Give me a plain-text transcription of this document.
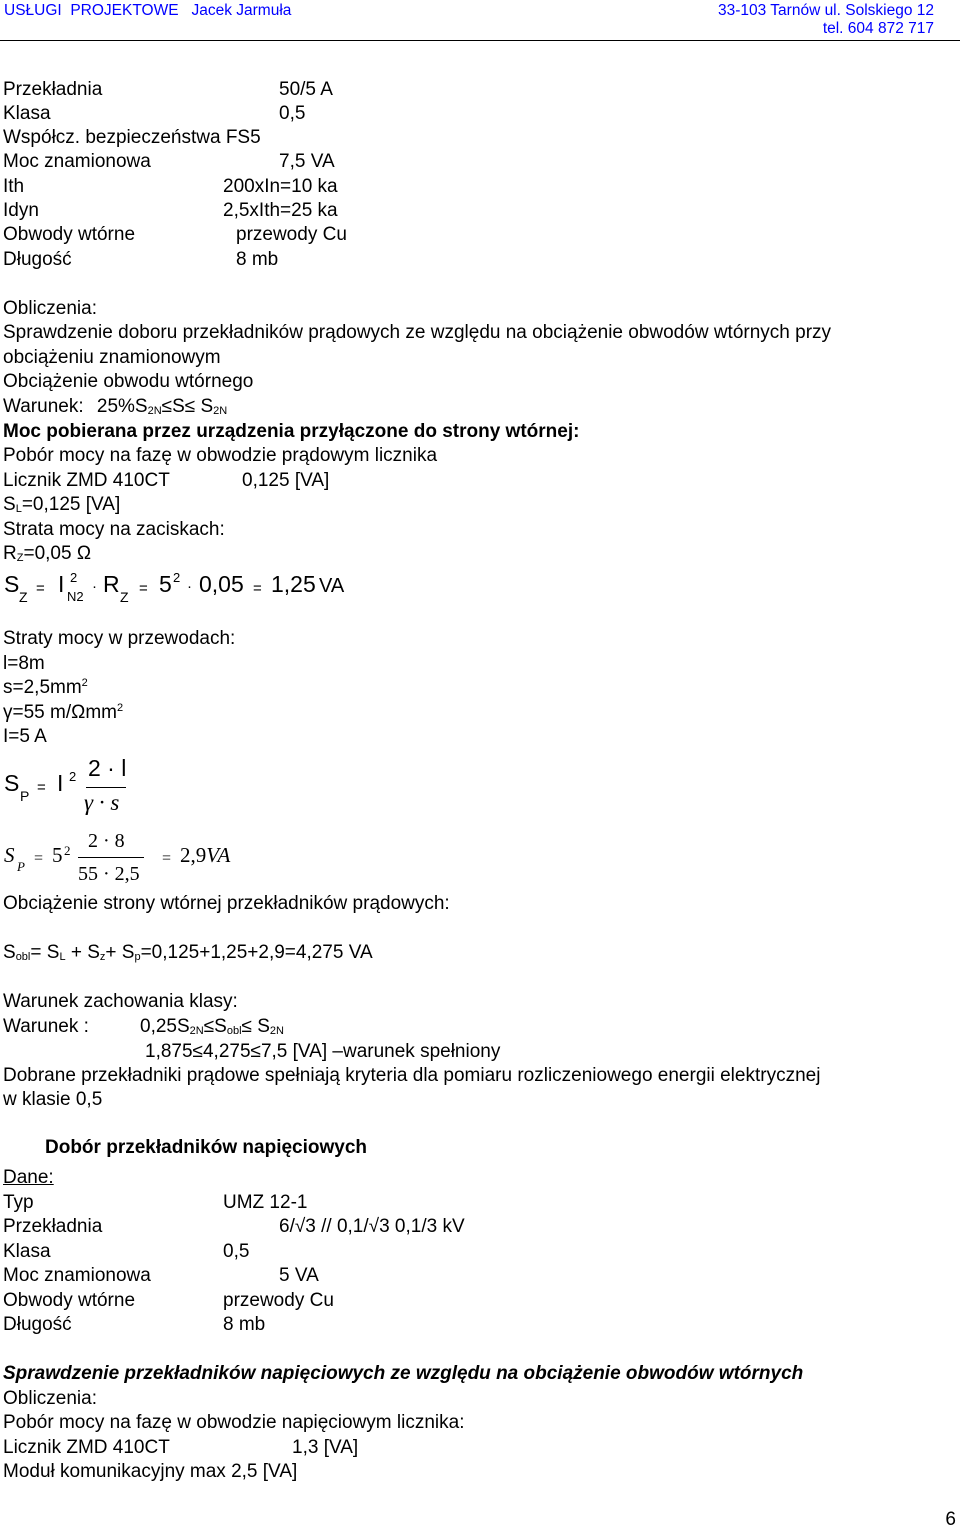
USŁUGI  PROJEKTOWE   Jacek Jarmuła	33-103 Tarnów ul. Solskiego 12
tel. 604 872 717
Przekładnia	50/5 A
Klasa	0,5
Współcz. bezpieczeństwa FS5
Moc znamionowa	7,5 VA
Ith	200xIn=10 ka
Idyn	2,5xIth=25 ka
Obwody wtórne	przewody Cu
Długość	8 mb
Obliczenia:
Sprawdzenie doboru przekładników prądowych ze względu na obciążenie obwodów wtórnych przy
obciążeniu znamionowym
Obciążenie obwodu wtórnego
Warunek: $25\%S_{2N}\le S\le S_{2N}$
Moc pobierana przez urządzenia przyłączone do strony wtórnej:
Pobór mocy na fazę w obwodzie prądowym licznika
Licznik ZMD 410CT	0,125 [VA]
$S_L=0,125$ [VA]
Strata mocy na zaciskach:
$R_Z=0,05$ Ω
S Z = I 2
N2
· R Z = 5 2
· 0,05 = 1,25 VA
Straty mocy w przewodach:
l=8m
$s=2,5mm^2$
γ=55 m/Ωmm$^2$
I=5 A
S P = I 2 2 · l
γ · s
S P = 5 2 2 · 8
55 · 2,5
= 2,9VA
Obciążenie strony wtórnej przekładników prądowych:
$S_{obl}= S_L + S_z+ S_p=0,125+1,25+2,9=4,275$ VA
Warunek zachowania klasy:
Warunek :	$0,25S_{2N}\le S_{obl}\le S_{2N}$
1,875≤4,275≤7,5 [VA] –warunek spełniony
Dobrane przekładniki prądowe spełniają kryteria dla pomiaru rozliczeniowego energii elektrycznej
w klasie 0,5
Dobór przekładników napięciowych
Dane:
Typ	UMZ 12-1
Przekładnia	6/√3 // 0,1/√3 0,1/3 kV
Klasa	0,5
Moc znamionowa	5 VA
Obwody wtórne	przewody Cu
Długość	8 mb
Sprawdzenie przekładników napięciowych ze względu na obciążenie obwodów wtórnych
Obliczenia:
Pobór mocy na fazę w obwodzie napięciowym licznika:
Licznik ZMD 410CT	1,3 [VA]
Moduł komunikacyjny max 2,5 [VA]
6
